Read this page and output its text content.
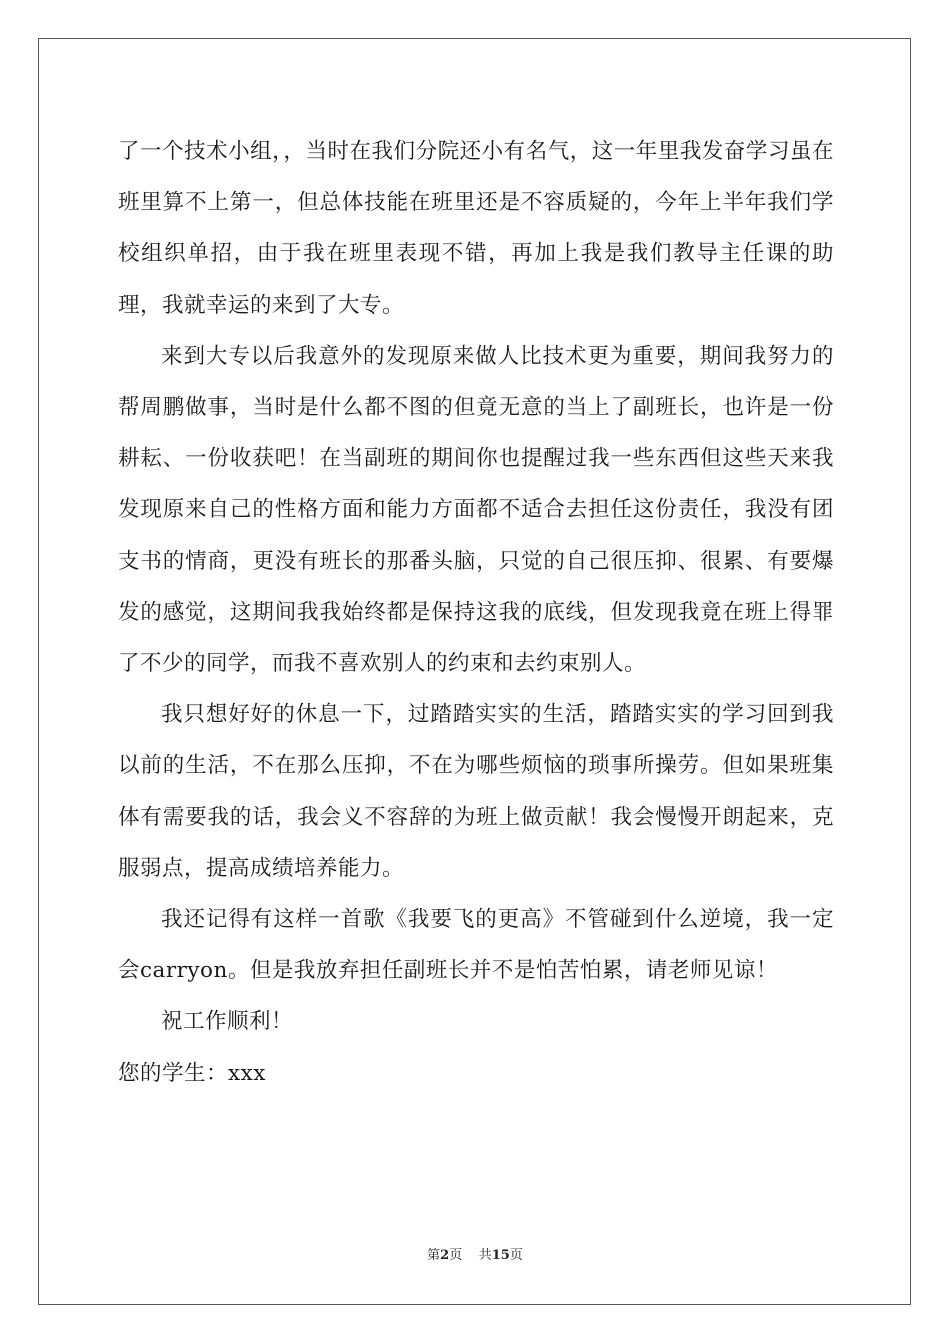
了一个技术小组，，当时在我们分院还小有名气，这一年里我发奋学习虽在班里算不上第一，但总体技能在班里还是不容质疑的，今年上半年我们学校组织单招，由于我在班里表现不错，再加上我是我们教导主任课的助理，我就幸运的来到了大专。

来到大专以后我意外的发现原来做人比技术更为重要，期间我努力的帮周鹏做事，当时是什么都不图的但竟无意的当上了副班长，也许是一份耕耘、一份收获吧！在当副班的期间你也提醒过我一些东西但这些天来我发现原来自己的性格方面和能力方面都不适合去担任这份责任，我没有团支书的情商，更没有班长的那番头脑，只觉的自己很压抑、很累、有要爆发的感觉，这期间我我始终都是保持这我的底线，但发现我竟在班上得罪了不少的同学，而我不喜欢别人的约束和去约束别人。

我只想好好的休息一下，过踏踏实实的生活，踏踏实实的学习回到我以前的生活，不在那么压抑，不在为哪些烦恼的琐事所操劳。但如果班集体有需要我的话，我会义不容辞的为班上做贡献！我会慢慢开朗起来，克服弱点，提高成绩培养能力。

我还记得有这样一首歌《我要飞的更高》不管碰到什么逆境，我一定会carryon。但是我放弃担任副班长并不是怕苦怕累，请老师见谅！

祝工作顺利！

您的学生：xxx

第2页 共15页
